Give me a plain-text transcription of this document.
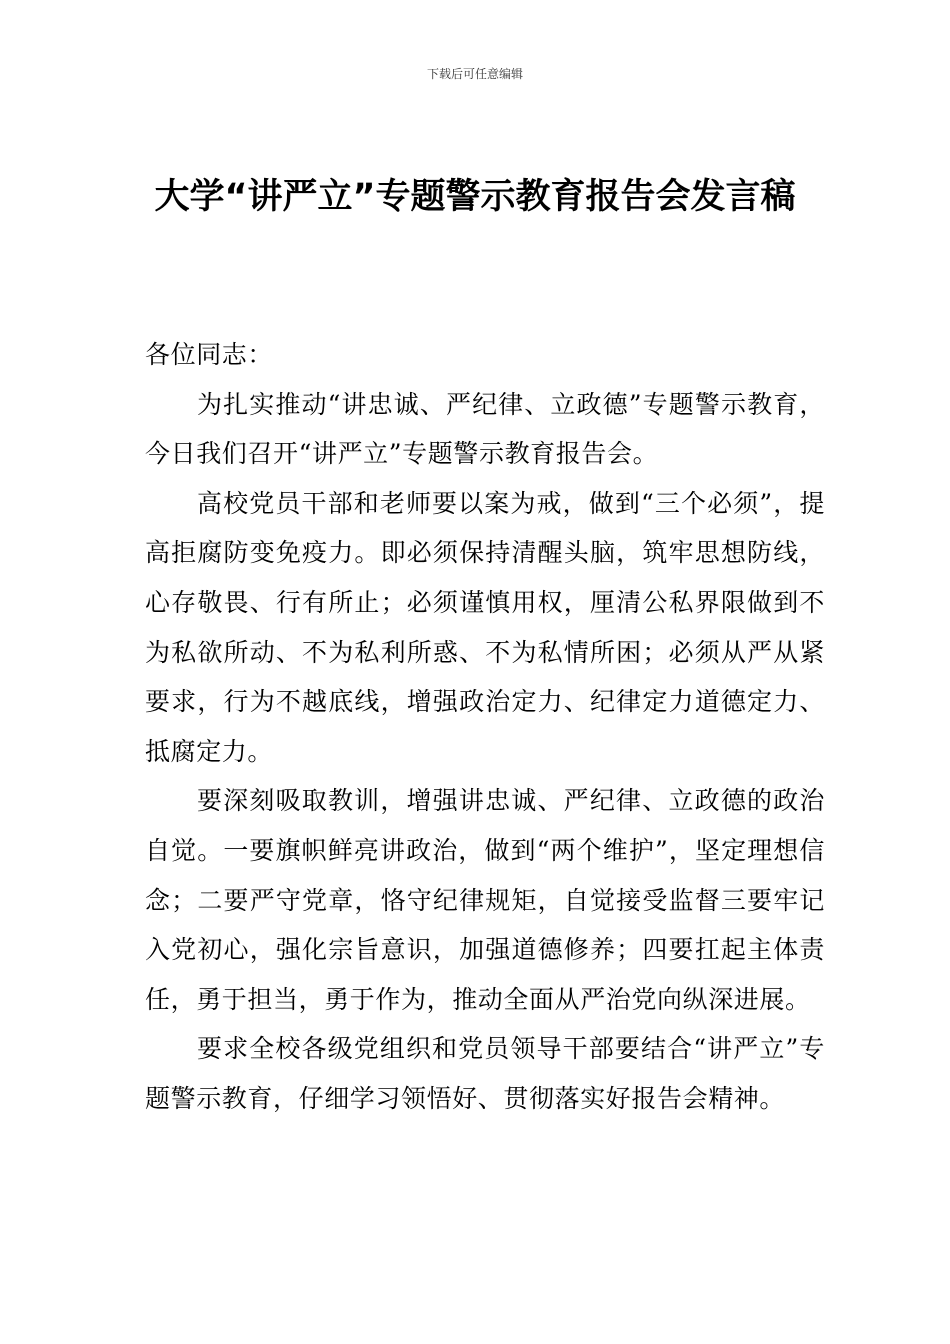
下载后可任意编辑
大学“讲严立”专题警示教育报告会发言稿

各位同志：

为扎实推动“讲忠诚、严纪律、立政德”专题警示教育，今日我们召开“讲严立”专题警示教育报告会。

高校党员干部和老师要以案为戒，做到“三个必须”，提高拒腐防变免疫力。即必须保持清醒头脑，筑牢思想防线，心存敬畏、行有所止；必须谨慎用权，厘清公私界限做到不为私欲所动、不为私利所惑、不为私情所困；必须从严从紧要求，行为不越底线，增强政治定力、纪律定力道德定力、抵腐定力。

要深刻吸取教训，增强讲忠诚、严纪律、立政德的政治自觉。一要旗帜鲜亮讲政治，做到“两个维护”，坚定理想信念；二要严守党章，恪守纪律规矩，自觉接受监督三要牢记入党初心，强化宗旨意识，加强道德修养；四要扛起主体责任，勇于担当，勇于作为，推动全面从严治党向纵深进展。

要求全校各级党组织和党员领导干部要结合“讲严立”专题警示教育，仔细学习领悟好、贯彻落实好报告会精神。
